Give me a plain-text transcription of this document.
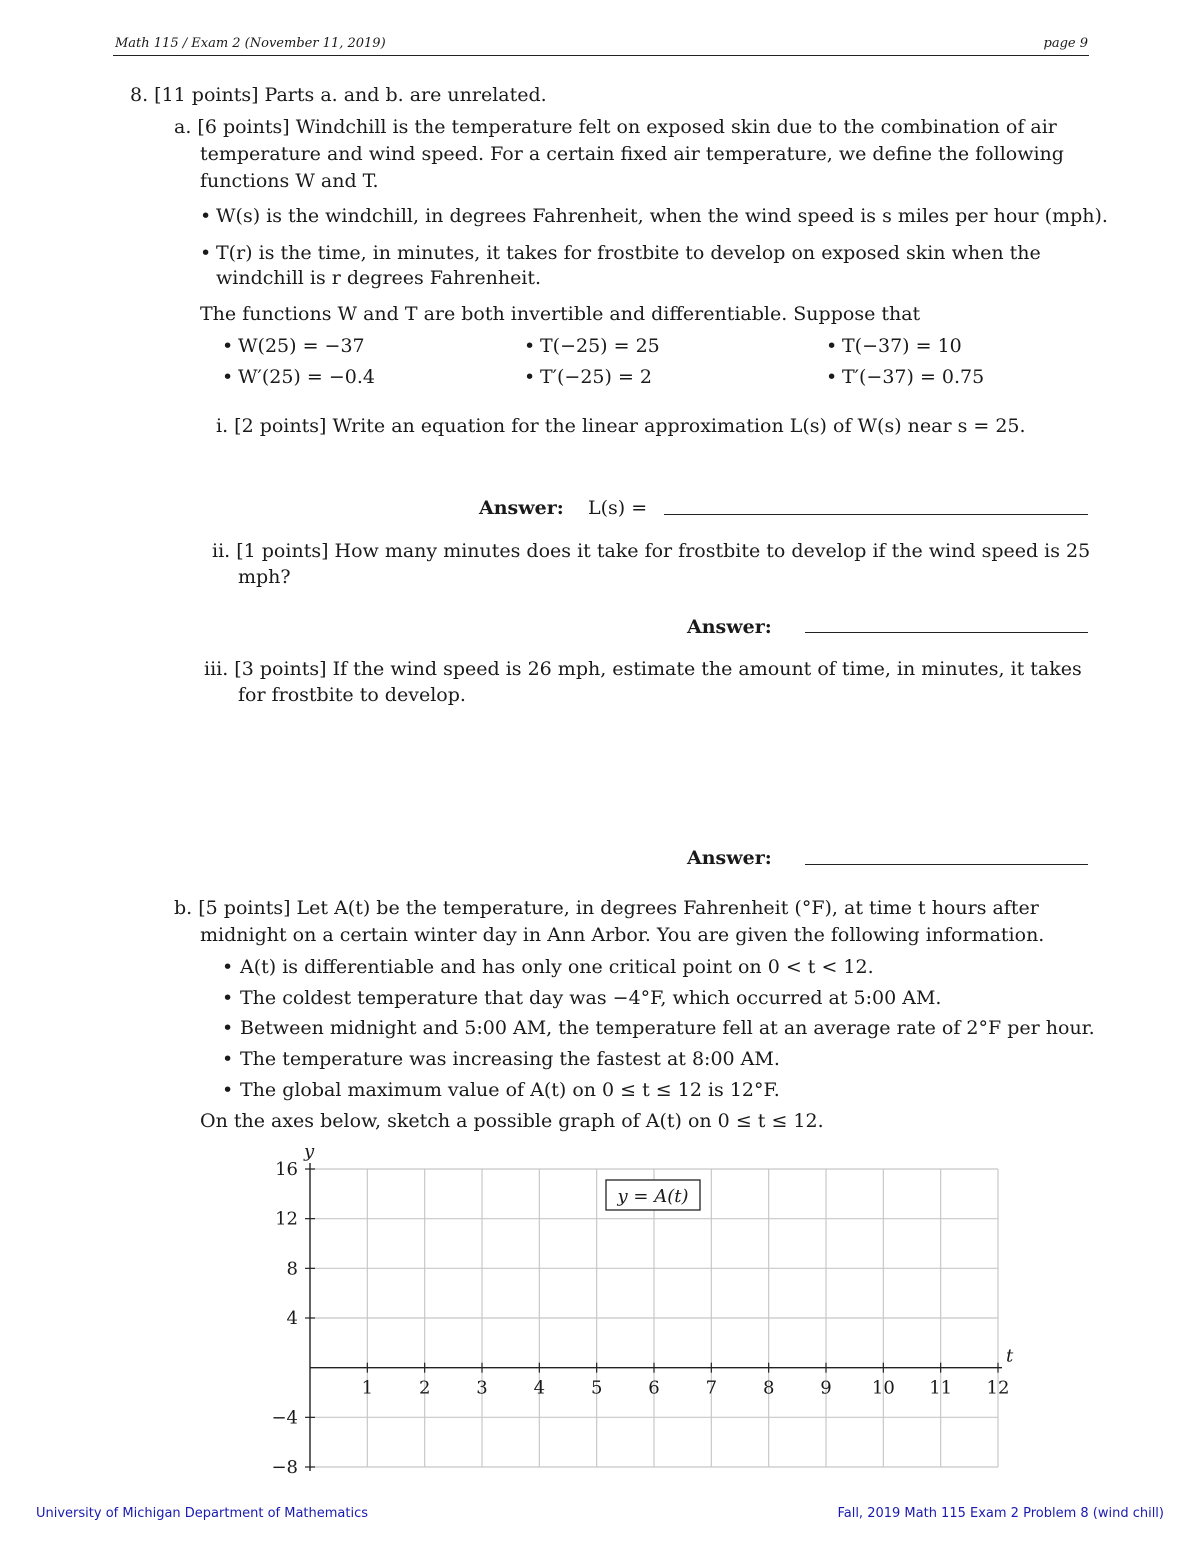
Math 115 / Exam 2 (November 11, 2019)	page 9
8. [11 points] Parts a. and b. are unrelated.
a. [6 points] Windchill is the temperature felt on exposed skin due to the combination of air
temperature and wind speed. For a certain fixed air temperature, we define the following
functions W and T.
• W(s) is the windchill, in degrees Fahrenheit, when the wind speed is s miles per hour (mph).
• T(r) is the time, in minutes, it takes for frostbite to develop on exposed skin when the
windchill is r degrees Fahrenheit.
The functions W and T are both invertible and differentiable. Suppose that
• W(25) = −37	• T(−25) = 25	• T(−37) = 10
• W′(25) = −0.4	• T′(−25) = 2	• T′(−37) = 0.75
i. [2 points] Write an equation for the linear approximation L(s) of W(s) near s = 25.
Answer: L(s) =
ii. [1 points] How many minutes does it take for frostbite to develop if the wind speed is 25
mph?
Answer:
iii. [3 points] If the wind speed is 26 mph, estimate the amount of time, in minutes, it takes
for frostbite to develop.
Answer:
b. [5 points] Let A(t) be the temperature, in degrees Fahrenheit (°F), at time t hours after
midnight on a certain winter day in Ann Arbor. You are given the following information.
• A(t) is differentiable and has only one critical point on 0 < t < 12.
• The coldest temperature that day was −4°F, which occurred at 5:00 AM.
• Between midnight and 5:00 AM, the temperature fell at an average rate of 2°F per hour.
• The temperature was increasing the fastest at 8:00 AM.
• The global maximum value of A(t) on 0 ≤ t ≤ 12 is 12°F.
On the axes below, sketch a possible graph of A(t) on 0 ≤ t ≤ 12.
1	2	3	4	5	6	7	8	9 10 11 12
16
12
8
4
−4
−8
t
y
y = A(t)
University of Michigan Department of Mathematics	Fall, 2019 Math 115 Exam 2 Problem 8 (wind chill)
